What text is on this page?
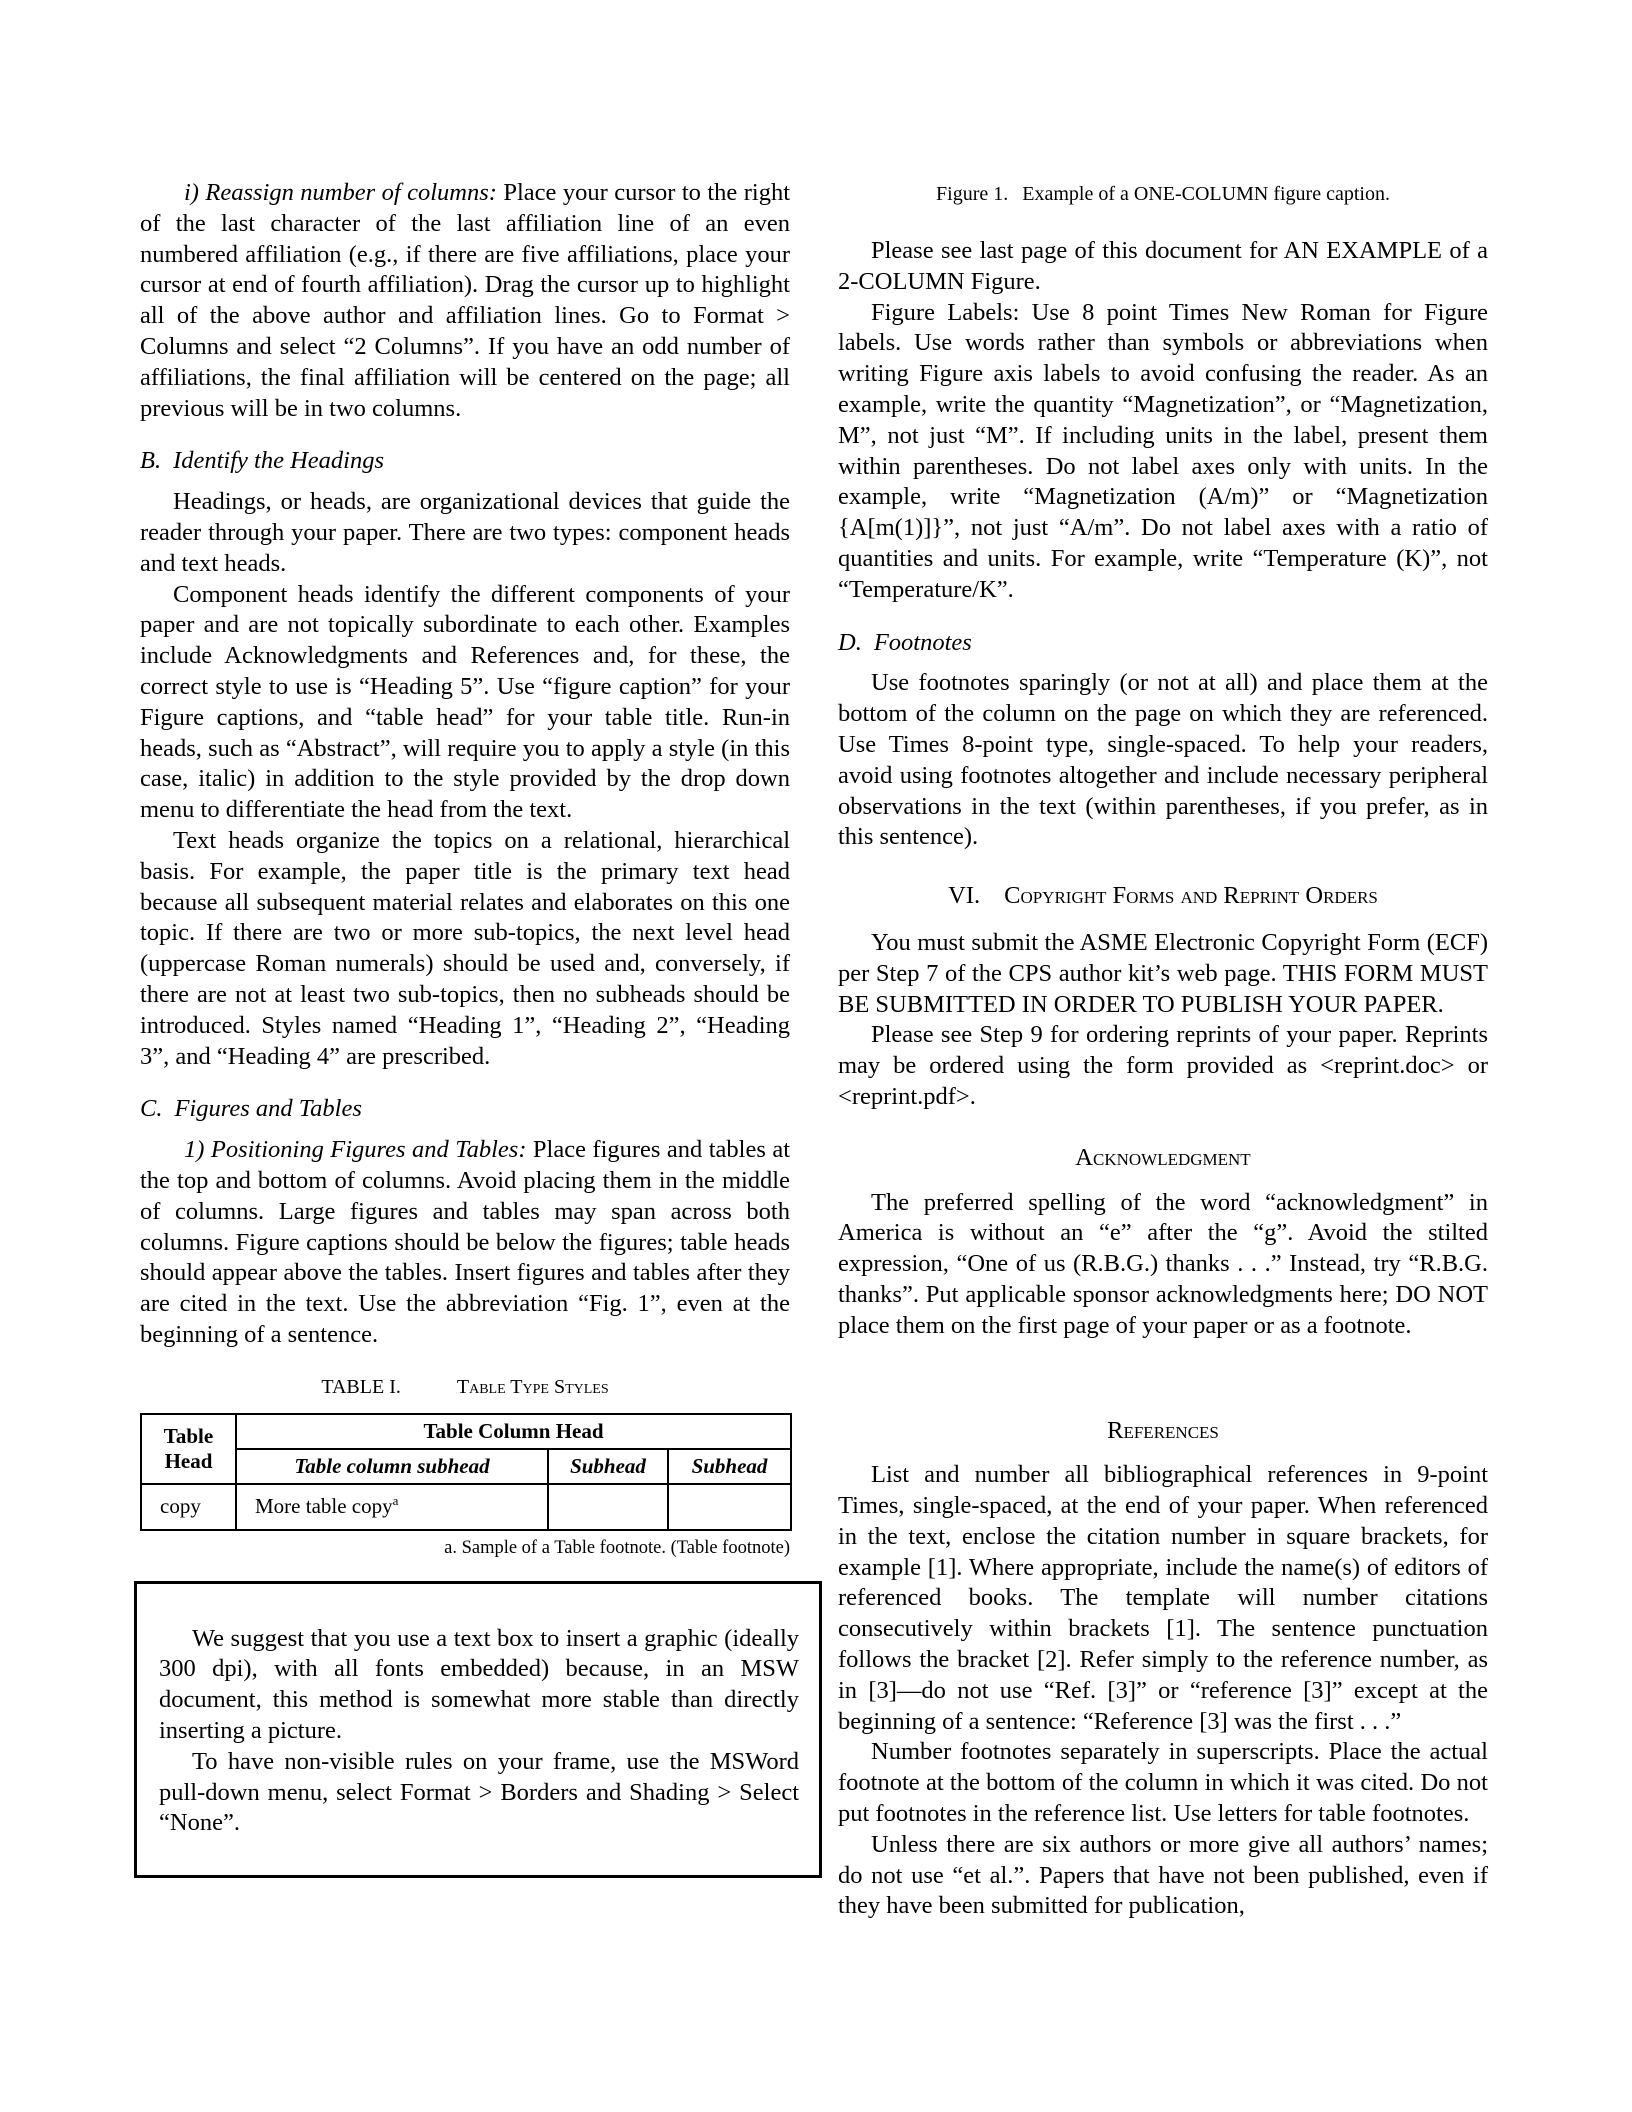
i) Reassign number of columns: Place your cursor to the right of the last character of the last affiliation line of an even numbered affiliation (e.g., if there are five affiliations, place your cursor at end of fourth affiliation). Drag the cursor up to highlight all of the above author and affiliation lines. Go to Format > Columns and select “2 Columns”. If you have an odd number of affiliations, the final affiliation will be centered on the page; all previous will be in two columns.

B. Identify the Headings

Headings, or heads, are organizational devices that guide the reader through your paper. There are two types: component heads and text heads.

Component heads identify the different components of your paper and are not topically subordinate to each other. Examples include Acknowledgments and References and, for these, the correct style to use is “Heading 5”. Use “figure caption” for your Figure captions, and “table head” for your table title. Run-in heads, such as “Abstract”, will require you to apply a style (in this case, italic) in addition to the style provided by the drop down menu to differentiate the head from the text.

Text heads organize the topics on a relational, hierarchical basis. For example, the paper title is the primary text head because all subsequent material relates and elaborates on this one topic. If there are two or more sub-topics, the next level head (uppercase Roman numerals) should be used and, conversely, if there are not at least two sub-topics, then no subheads should be introduced. Styles named “Heading 1”, “Heading 2”, “Heading 3”, and “Heading 4” are prescribed.

C. Figures and Tables

1) Positioning Figures and Tables: Place figures and tables at the top and bottom of columns. Avoid placing them in the middle of columns. Large figures and tables may span across both columns. Figure captions should be below the figures; table heads should appear above the tables. Insert figures and tables after they are cited in the text. Use the abbreviation “Fig. 1”, even at the beginning of a sentence.

TABLE I.	Table Type Styles
Table Head	Table Column Head		
	Table column subhead	Subhead	Subhead
copy	More table copy$^a$		

a. Sample of a Table footnote. (Table footnote)

We suggest that you use a text box to insert a graphic (ideally 300 dpi), with all fonts embedded) because, in an MSW document, this method is somewhat more stable than directly inserting a picture.

To have non-visible rules on your frame, use the MSWord pull-down menu, select Format > Borders and Shading > Select “None”.

Figure 1. Example of a ONE-COLUMN figure caption.

Please see last page of this document for AN EXAMPLE of a 2-COLUMN Figure.

Figure Labels: Use 8 point Times New Roman for Figure labels. Use words rather than symbols or abbreviations when writing Figure axis labels to avoid confusing the reader. As an example, write the quantity “Magnetization”, or “Magnetization, M”, not just “M”. If including units in the label, present them within parentheses. Do not label axes only with units. In the example, write “Magnetization (A/m)” or “Magnetization {A[m(1)]}”, not just “A/m”. Do not label axes with a ratio of quantities and units. For example, write “Temperature (K)”, not “Temperature/K”.

D. Footnotes

Use footnotes sparingly (or not at all) and place them at the bottom of the column on the page on which they are referenced. Use Times 8-point type, single-spaced. To help your readers, avoid using footnotes altogether and include necessary peripheral observations in the text (within parentheses, if you prefer, as in this sentence).

VI. Copyright Forms and Reprint Orders

You must submit the ASME Electronic Copyright Form (ECF) per Step 7 of the CPS author kit’s web page. THIS FORM MUST BE SUBMITTED IN ORDER TO PUBLISH YOUR PAPER.

Please see Step 9 for ordering reprints of your paper. Reprints may be ordered using the form provided as <reprint.doc> or <reprint.pdf>.

Acknowledgment

The preferred spelling of the word “acknowledgment” in America is without an “e” after the “g”. Avoid the stilted expression, “One of us (R.B.G.) thanks . . .” Instead, try “R.B.G. thanks”. Put applicable sponsor acknowledgments here; DO NOT place them on the first page of your paper or as a footnote.

References

List and number all bibliographical references in 9-point Times, single-spaced, at the end of your paper. When referenced in the text, enclose the citation number in square brackets, for example [1]. Where appropriate, include the name(s) of editors of referenced books. The template will number citations consecutively within brackets [1]. The sentence punctuation follows the bracket [2]. Refer simply to the reference number, as in [3]—do not use “Ref. [3]” or “reference [3]” except at the beginning of a sentence: “Reference [3] was the first . . .”

Number footnotes separately in superscripts. Place the actual footnote at the bottom of the column in which it was cited. Do not put footnotes in the reference list. Use letters for table footnotes.

Unless there are six authors or more give all authors’ names; do not use “et al.”. Papers that have not been published, even if they have been submitted for publication,
